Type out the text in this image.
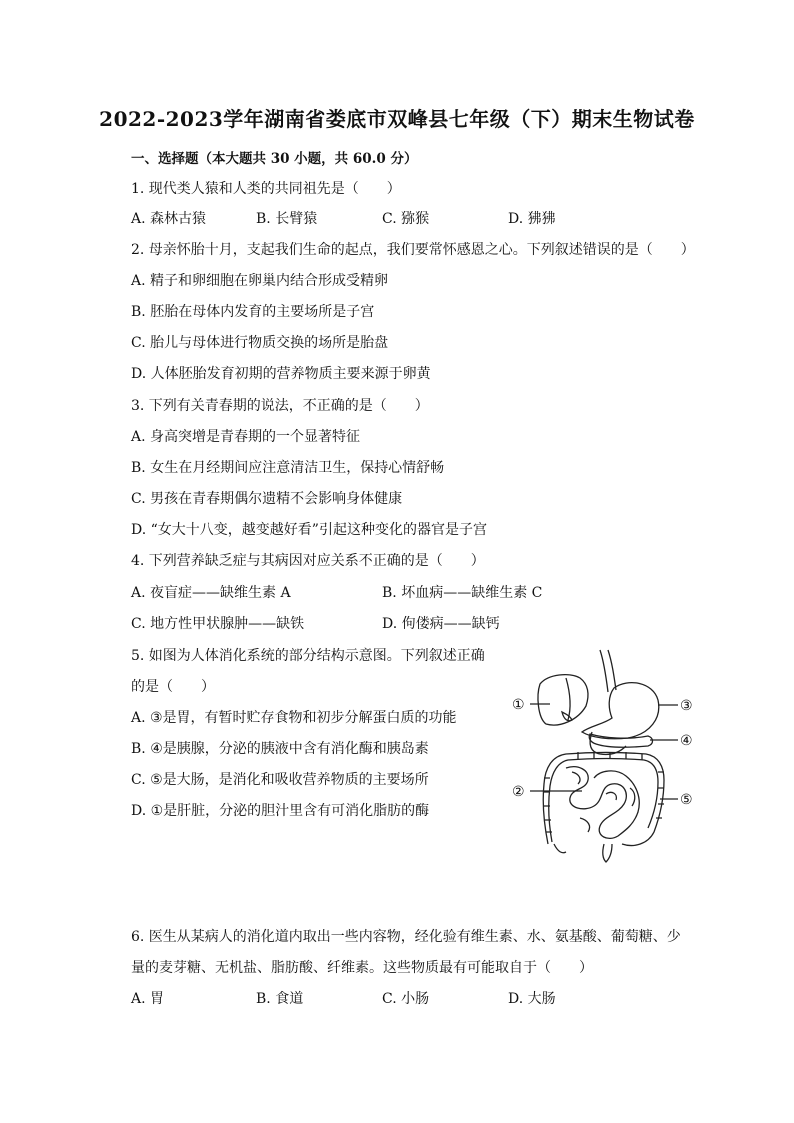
2022-2023学年湖南省娄底市双峰县七年级（下）期末生物试卷
一、选择题（本大题共 30 小题，共 60.0 分）
1. 现代类人猿和人类的共同祖先是（　　）
A. 森林古猿	B. 长臂猿	C. 猕猴	D. 狒狒
2. 母亲怀胎十月，支起我们生命的起点，我们要常怀感恩之心。下列叙述错误的是（　　）
A. 精子和卵细胞在卵巢内结合形成受精卵
B. 胚胎在母体内发育的主要场所是子宫
C. 胎儿与母体进行物质交换的场所是胎盘
D. 人体胚胎发育初期的营养物质主要来源于卵黄
3. 下列有关青春期的说法，不正确的是（　　）
A. 身高突增是青春期的一个显著特征
B. 女生在月经期间应注意清洁卫生，保持心情舒畅
C. 男孩在青春期偶尔遗精不会影响身体健康
D. “女大十八变，越变越好看”引起这种变化的器官是子宫
4. 下列营养缺乏症与其病因对应关系不正确的是（　　）
A. 夜盲症——缺维生素 A	B. 坏血病——缺维生素 C
C. 地方性甲状腺肿——缺铁	D. 佝偻病——缺钙
5. 如图为人体消化系统的部分结构示意图。下列叙述正确
的是（　　）
A. ③是胃，有暂时贮存食物和初步分解蛋白质的功能
B. ④是胰腺，分泌的胰液中含有消化酶和胰岛素
C. ⑤是大肠，是消化和吸收营养物质的主要场所
D. ①是肝脏，分泌的胆汁里含有可消化脂肪的酶
①
②
③
④
⑤
6. 医生从某病人的消化道内取出一些内容物，经化验有维生素、水、氨基酸、葡萄糖、少
量的麦芽糖、无机盐、脂肪酸、纤维素。这些物质最有可能取自于（　　）
A. 胃	B. 食道	C. 小肠	D. 大肠
